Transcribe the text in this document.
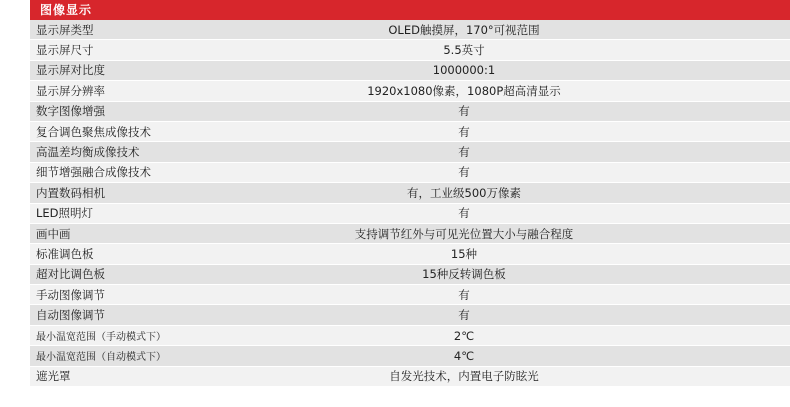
图像显示
显示屏类型	OLED触摸屏，170°可视范围
显示屏尺寸	5.5英寸
显示屏对比度	1000000:1
显示屏分辨率	1920x1080像素，1080P超高清显示
数字图像增强	有
复合调色聚焦成像技术	有
高温差均衡成像技术	有
细节增强融合成像技术	有
内置数码相机	有，工业级500万像素
LED照明灯	有
画中画	支持调节红外与可见光位置大小与融合程度
标准调色板	15种
超对比调色板	15种反转调色板
手动图像调节	有
自动图像调节	有
最小温宽范围（手动模式下）	2℃
最小温宽范围（自动模式下）	4℃
遮光罩	自发光技术，内置电子防眩光
